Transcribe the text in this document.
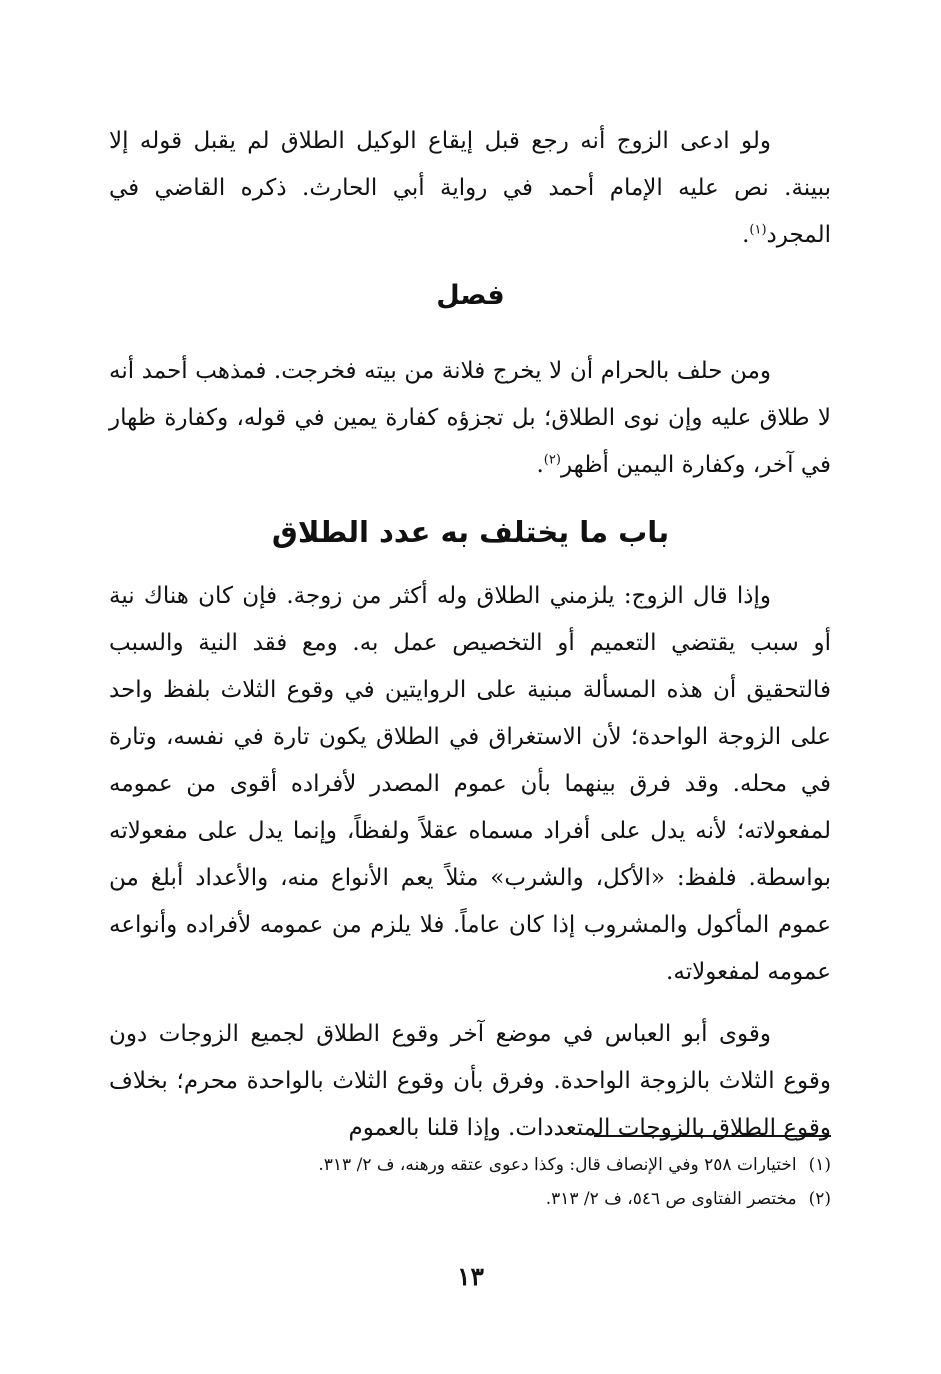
ولو ادعى الزوج أنه رجع قبل إيقاع الوكيل الطلاق لم يقبل قوله إلا ببينة. نص عليه الإمام أحمد في رواية أبي الحارث. ذكره القاضي في المجرد$^{(١)}$.

فصل

ومن حلف بالحرام أن لا يخرج فلانة من بيته فخرجت. فمذهب أحمد أنه لا طلاق عليه وإن نوى الطلاق؛ بل تجزؤه كفارة يمين في قوله، وكفارة ظهار في آخر، وكفارة اليمين أظهر$^{(٢)}$.

باب ما يختلف به عدد الطلاق

وإذا قال الزوج: يلزمني الطلاق وله أكثر من زوجة. فإن كان هناك نية أو سبب يقتضي التعميم أو التخصيص عمل به. ومع فقد النية والسبب فالتحقيق أن هذه المسألة مبنية على الروايتين في وقوع الثلاث بلفظ واحد على الزوجة الواحدة؛ لأن الاستغراق في الطلاق يكون تارة في نفسه، وتارة في محله. وقد فرق بينهما بأن عموم المصدر لأفراده أقوى من عمومه لمفعولاته؛ لأنه يدل على أفراد مسماه عقلاً ولفظاً، وإنما يدل على مفعولاته بواسطة. فلفظ: «الأكل، والشرب» مثلاً يعم الأنواع منه، والأعداد أبلغ من عموم المأكول والمشروب إذا كان عاماً. فلا يلزم من عمومه لأفراده وأنواعه عمومه لمفعولاته.

وقوى أبو العباس في موضع آخر وقوع الطلاق لجميع الزوجات دون وقوع الثلاث بالزوجة الواحدة. وفرق بأن وقوع الثلاث بالواحدة محرم؛ بخلاف وقوع الطلاق بالزوجات المتعددات. وإذا قلنا بالعموم

(١)
اختيارات ٢٥٨ وفي الإنصاف قال: وكذا دعوى عتقه ورهنه، ف ٢/ ٣١٣.
(٢)
مختصر الفتاوى ص ٥٤٦، ف ٢/ ٣١٣.
١٣
